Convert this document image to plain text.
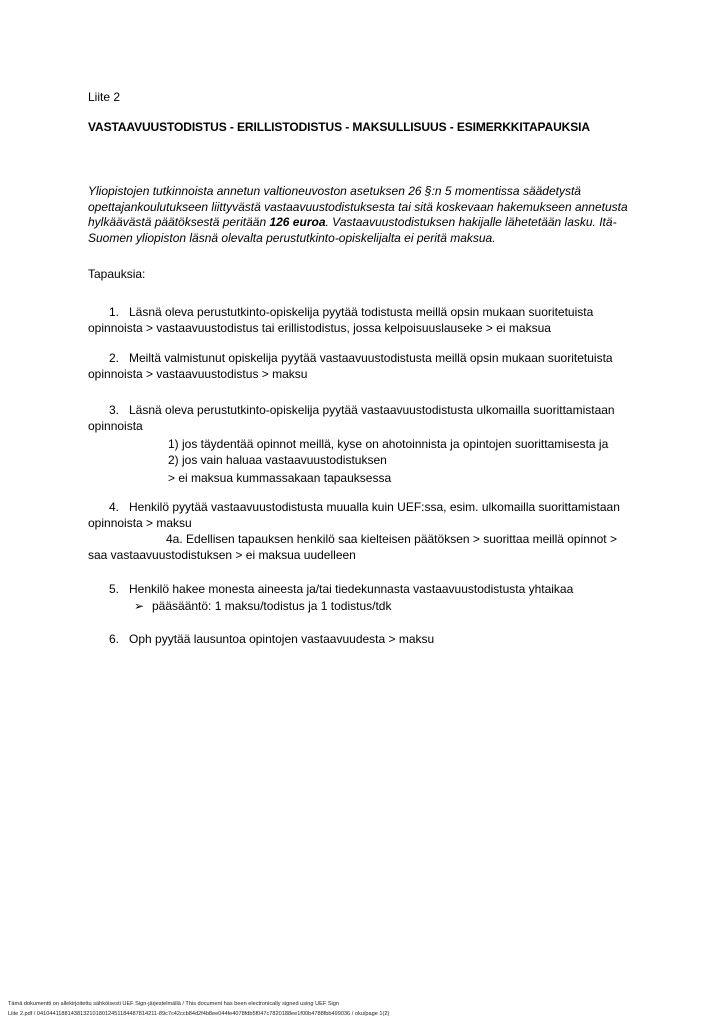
Liite 2
VASTAAVUUSTODISTUS - ERILLISTODISTUS - MAKSULLISUUS - ESIMERKKITAPAUKSIA
Yliopistojen tutkinnoista annetun valtioneuvoston asetuksen 26 §:n 5 momentissa säädetystä opettajankoulutukseen liittyvästä vastaavuustodistuksesta tai sitä koskevaan hakemukseen annetusta hylkäävästä päätöksestä peritään 126 euroa. Vastaavuustodistuksen hakijalle lähetetään lasku. Itä-Suomen yliopiston läsnä olevalta perustutkinto-opiskelijalta ei peritä maksua.
Tapauksia:
1. Läsnä oleva perustutkinto-opiskelija pyytää todistusta meillä opsin mukaan suoritetuista
opinnoista > vastaavuustodistus tai erillistodistus, jossa kelpoisuuslauseke > ei maksua
2. Meiltä valmistunut opiskelija pyytää vastaavuustodistusta meillä opsin mukaan suoritetuista
opinnoista > vastaavuustodistus > maksu
3. Läsnä oleva perustutkinto-opiskelija pyytää vastaavuustodistusta ulkomailla suorittamistaan
opinnoista
1) jos täydentää opinnot meillä, kyse on ahotoinnista ja opintojen suorittamisesta ja
2) jos vain haluaa vastaavuustodistuksen
> ei maksua kummassakaan tapauksessa
4. Henkilö pyytää vastaavuustodistusta muualla kuin UEF:ssa, esim. ulkomailla suorittamistaan
opinnoista > maksu
4a. Edellisen tapauksen henkilö saa kielteisen päätöksen > suorittaa meillä opinnot >
saa vastaavuustodistuksen > ei maksua uudelleen
5. Henkilö hakee monesta aineesta ja/tai tiedekunnasta vastaavuustodistusta yhtaikaa
➢ pääsääntö: 1 maksu/todistus ja 1 todistus/tdk
6. Oph pyytää lausuntoa opintojen vastaavuudesta > maksu
Tämä dokumentti on allekirjoitettu sähköisesti UEF Sign-järjestelmällä / This document has been electronically signed using UEF Sign
Liite 2.pdf / 041044118814381321018012451184487814211-89c7c42ccb84d2f4b8ee044fe4078fdb5f047c7820188ee1f00b4788fbb499036 / oku/page 1(2)
